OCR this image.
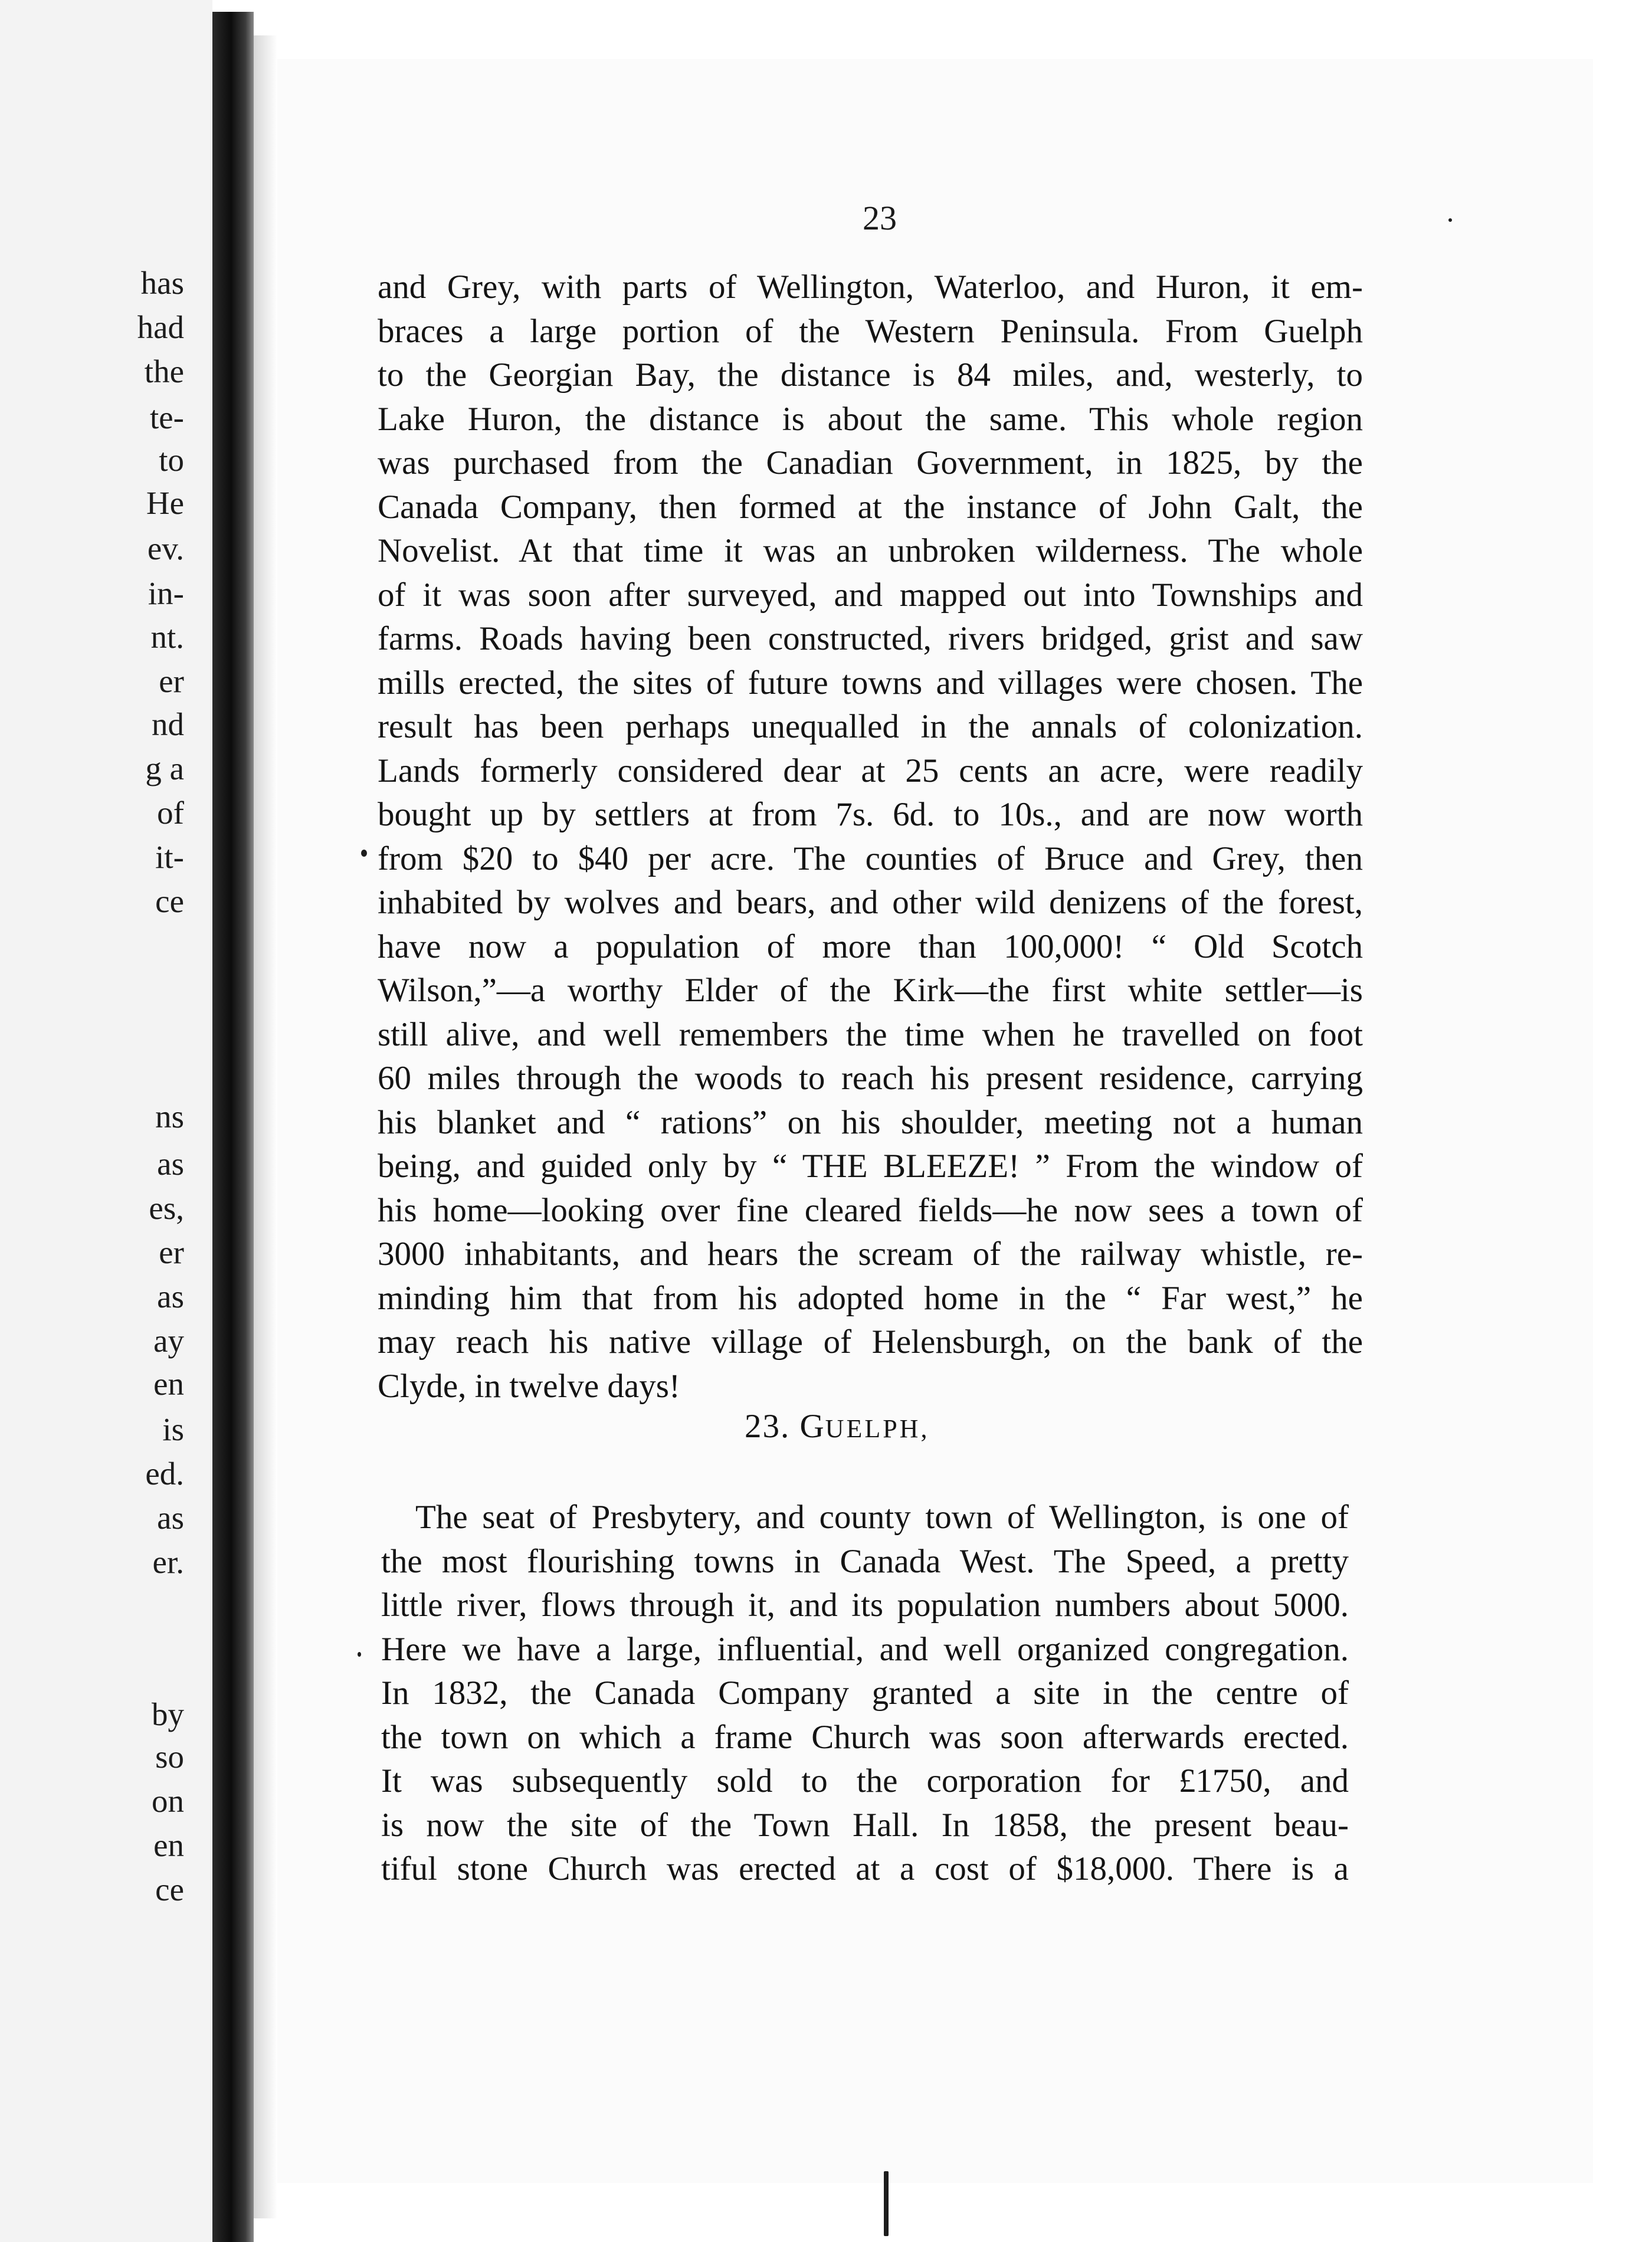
has
had
the
te-
to
He
ev.
in-
nt.
er
nd
g a
of
it-
ce
ns
as
es,
er
as
ay
en
is
ed.
as
er.
by
so
on
en
ce
23
and Grey, with parts of Wellington, Waterloo, and Huron, it em-
braces a large portion of the Western Peninsula. From Guelph
to the Georgian Bay, the distance is 84 miles, and, westerly, to
Lake Huron, the distance is about the same. This whole region
was purchased from the Canadian Government, in 1825, by the
Canada Company, then formed at the instance of John Galt, the
Novelist. At that time it was an unbroken wilderness. The whole
of it was soon after surveyed, and mapped out into Townships and
farms. Roads having been constructed, rivers bridged, grist and saw
mills erected, the sites of future towns and villages were chosen. The
result has been perhaps unequalled in the annals of colonization.
Lands formerly considered dear at 25 cents an acre, were readily
bought up by settlers at from 7s. 6d. to 10s., and are now worth
from $20 to $40 per acre. The counties of Bruce and Grey, then
inhabited by wolves and bears, and other wild denizens of the forest,
have now a population of more than 100,000! “ Old Scotch
Wilson,”—a worthy Elder of the Kirk—the first white settler—is
still alive, and well remembers the time when he travelled on foot
60 miles through the woods to reach his present residence, carrying
his blanket and “ rations” on his shoulder, meeting not a human
being, and guided only by “ THE BLEEZE! ” From the window of
his home—looking over fine cleared fields—he now sees a town of
3000 inhabitants, and hears the scream of the railway whistle, re-
minding him that from his adopted home in the “ Far west,” he
may reach his native village of Helensburgh, on the bank of the
Clyde, in twelve days!
23. GUELPH,
The seat of Presbytery, and county town of Wellington, is one of
the most flourishing towns in Canada West. The Speed, a pretty
little river, flows through it, and its population numbers about 5000.
Here we have a large, influential, and well organized congregation.
In 1832, the Canada Company granted a site in the centre of
the town on which a frame Church was soon afterwards erected.
It was subsequently sold to the corporation for £1750, and
is now the site of the Town Hall. In 1858, the present beau-
tiful stone Church was erected at a cost of $18,000. There is a
